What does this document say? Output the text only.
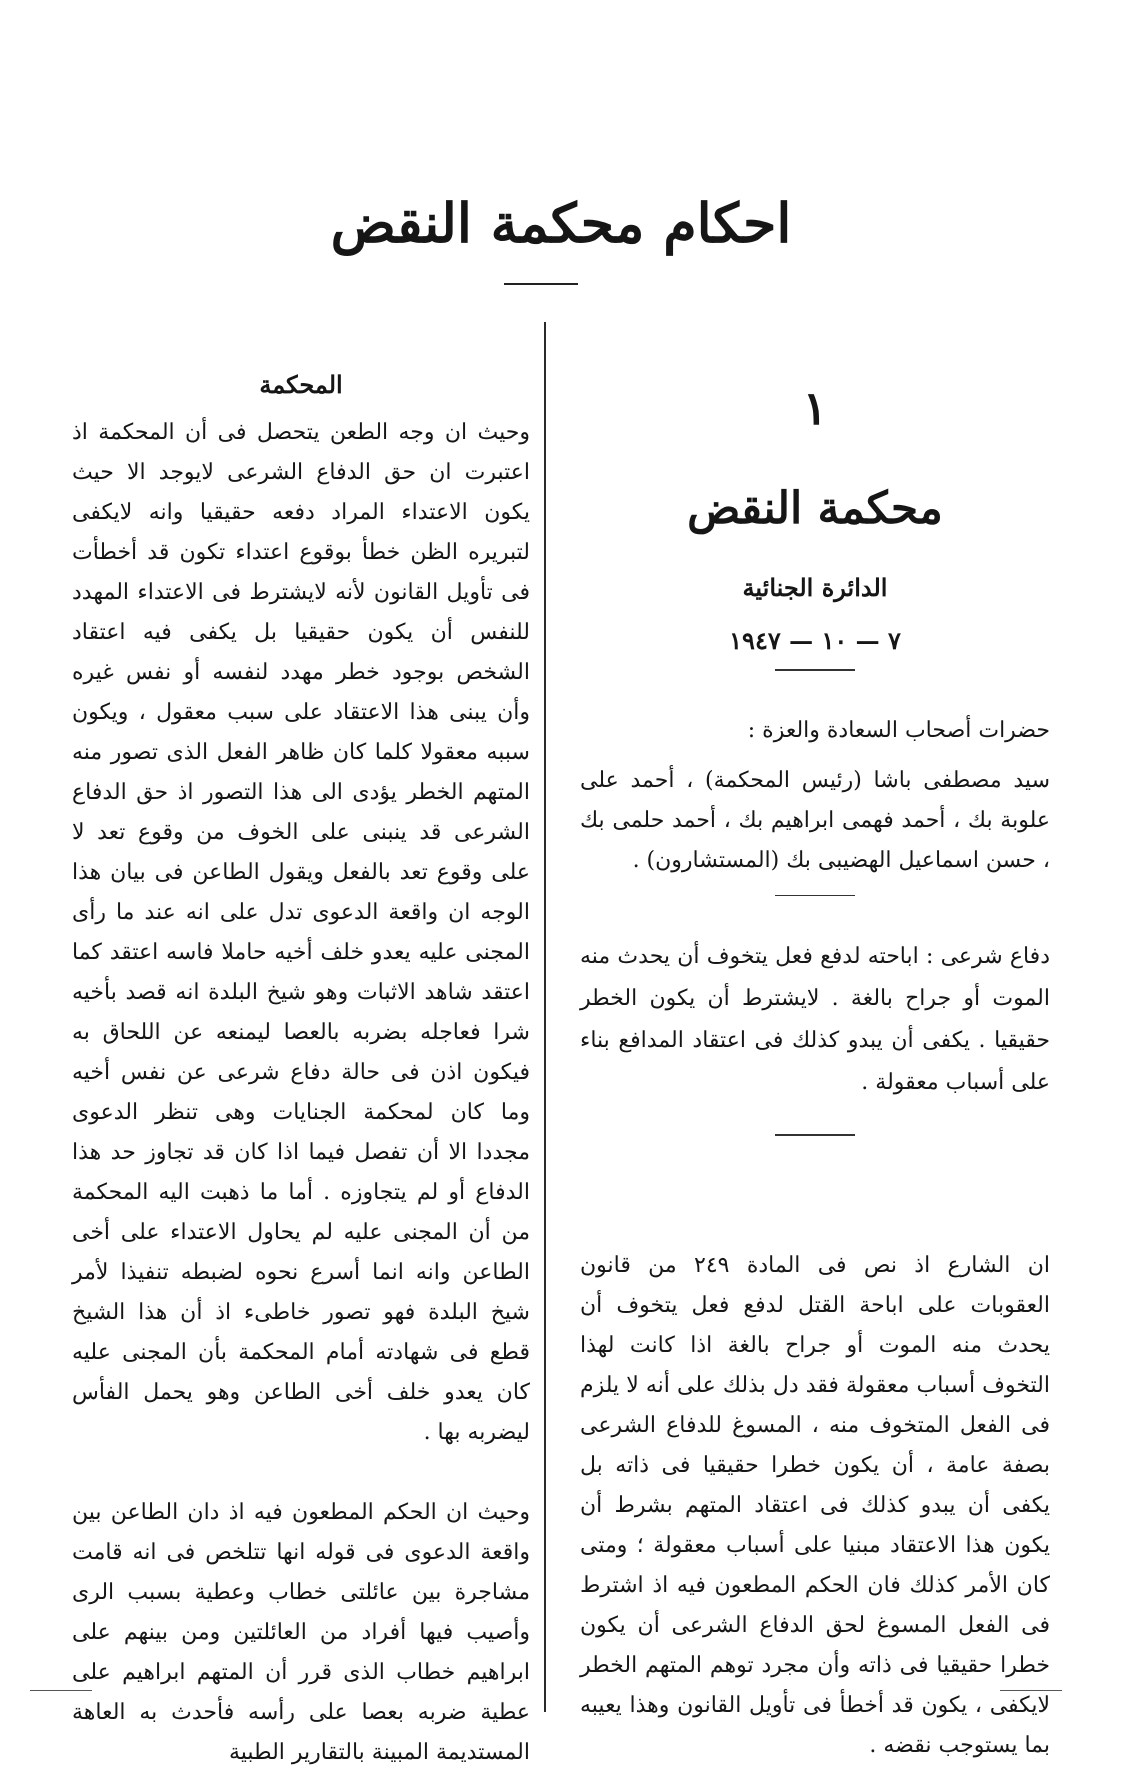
احكام محكمة النقض
١
محكمة النقض
الدائرة الجنائية
٧ — ١٠ — ١٩٤٧

حضرات أصحاب السعادة والعزة :

سيد مصطفى باشا (رئيس المحكمة) ، أحمد على علوبة بك ، أحمد فهمى ابراهيم بك ، أحمد حلمى بك ، حسن اسماعيل الهضيبى بك (المستشارون) .

دفاع شرعى : اباحته لدفع فعل يتخوف أن يحدث منه الموت أو جراح بالغة . لايشترط أن يكون الخطر حقيقيا . يكفى أن يبدو كذلك فى اعتقاد المدافع بناء على أسباب معقولة .

ان الشارع اذ نص فى المادة ٢٤٩ من قانون العقوبات على اباحة القتل لدفع فعل يتخوف أن يحدث منه الموت أو جراح بالغة اذا كانت لهذا التخوف أسباب معقولة فقد دل بذلك على أنه لا يلزم فى الفعل المتخوف منه ، المسوغ للدفاع الشرعى بصفة عامة ، أن يكون خطرا حقيقيا فى ذاته بل يكفى أن يبدو كذلك فى اعتقاد المتهم بشرط أن يكون هذا الاعتقاد مبنيا على أسباب معقولة ؛ ومتى كان الأمر كذلك فان الحكم المطعون فيه اذ اشترط فى الفعل المسوغ لحق الدفاع الشرعى أن يكون خطرا حقيقيا فى ذاته وأن مجرد توهم المتهم الخطر لايكفى ، يكون قد أخطأ فى تأويل القانون وهذا يعيبه بما يستوجب نقضه .

المحكمة

وحيث ان وجه الطعن يتحصل فى أن المحكمة اذ اعتبرت ان حق الدفاع الشرعى لايوجد الا حيث يكون الاعتداء المراد دفعه حقيقيا وانه لايكفى لتبريره الظن خطأ بوقوع اعتداء تكون قد أخطأت فى تأويل القانون لأنه لايشترط فى الاعتداء المهدد للنفس أن يكون حقيقيا بل يكفى فيه اعتقاد الشخص بوجود خطر مهدد لنفسه أو نفس غيره وأن يبنى هذا الاعتقاد على سبب معقول ، ويكون سببه معقولا كلما كان ظاهر الفعل الذى تصور منه المتهم الخطر يؤدى الى هذا التصور اذ حق الدفاع الشرعى قد ينبنى على الخوف من وقوع تعد لا على وقوع تعد بالفعل ويقول الطاعن فى بيان هذا الوجه ان واقعة الدعوى تدل على انه عند ما رأى المجنى عليه يعدو خلف أخيه حاملا فاسه اعتقد كما اعتقد شاهد الاثبات وهو شيخ البلدة انه قصد بأخيه شرا فعاجله بضربه بالعصا ليمنعه عن اللحاق به فيكون اذن فى حالة دفاع شرعى عن نفس أخيه وما كان لمحكمة الجنايات وهى تنظر الدعوى مجددا الا أن تفصل فيما اذا كان قد تجاوز حد هذا الدفاع أو لم يتجاوزه . أما ما ذهبت اليه المحكمة من أن المجنى عليه لم يحاول الاعتداء على أخى الطاعن وانه انما أسرع نحوه لضبطه تنفيذا لأمر شيخ البلدة فهو تصور خاطىء اذ أن هذا الشيخ قطع فى شهادته أمام المحكمة بأن المجنى عليه كان يعدو خلف أخى الطاعن وهو يحمل الفأس ليضربه بها .

وحيث ان الحكم المطعون فيه اذ دان الطاعن بين واقعة الدعوى فى قوله انها تتلخص فى انه قامت مشاجرة بين عائلتى خطاب وعطية بسبب الرى وأصيب فيها أفراد من العائلتين ومن بينهم على ابراهيم خطاب الذى قرر أن المتهم ابراهيم على عطية ضربه بعصا على رأسه فأحدث به العاهة المستديمة المبينة بالتقارير الطبية
